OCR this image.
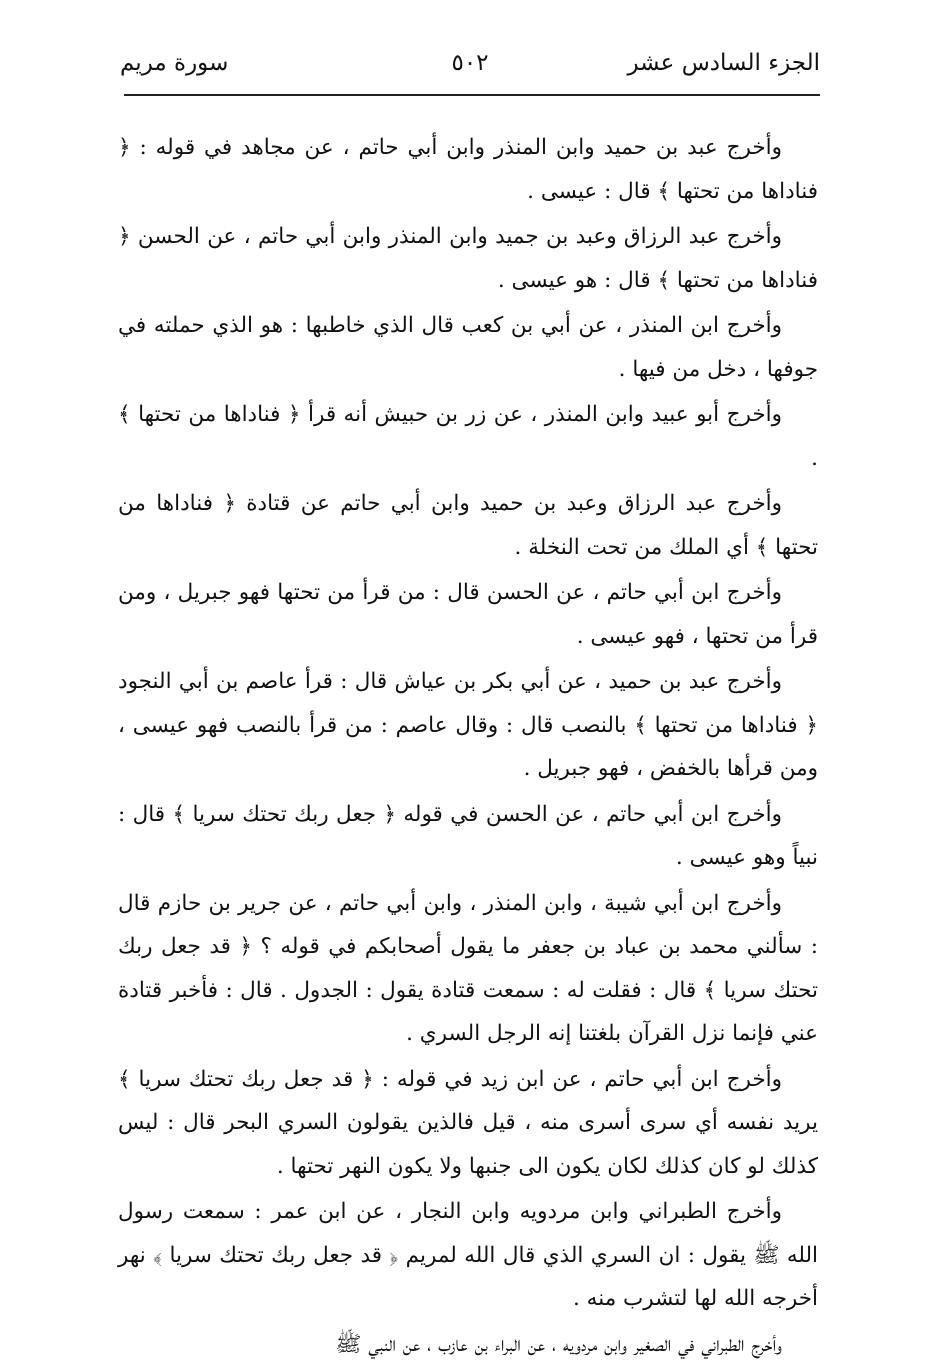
الجزء السادس عشر
٥٠٢
سورة مريم

وأخرج عبد بن حميد وابن المنذر وابن أبي حاتم ، عن مجاهد في قوله : ﴿ فناداها من تحتها ﴾ قال : عيسى .

وأخرج عبد الرزاق وعبد بن جميد وابن المنذر وابن أبي حاتم ، عن الحسن ﴿ فناداها من تحتها ﴾ قال : هو عيسى .

وأخرج ابن المنذر ، عن أبي بن كعب قال الذي خاطبها : هو الذي حملته في جوفها ، دخل من فيها .

وأخرج أبو عبيد وابن المنذر ، عن زر بن حبيش أنه قرأ ﴿ فناداها من تحتها ﴾ .

وأخرج عبد الرزاق وعبد بن حميد وابن أبي حاتم عن قتادة ﴿ فناداها من تحتها ﴾ أي الملك من تحت النخلة .

وأخرج ابن أبي حاتم ، عن الحسن قال : من قرأ من تحتها فهو جبريل ، ومن قرأ من تحتها ، فهو عيسى .

وأخرج عبد بن حميد ، عن أبي بكر بن عياش قال : قرأ عاصم بن أبي النجود ﴿ فناداها من تحتها ﴾ بالنصب قال : وقال عاصم : من قرأ بالنصب فهو عيسى ، ومن قرأها بالخفض ، فهو جبريل .

وأخرج ابن أبي حاتم ، عن الحسن في قوله ﴿ جعل ربك تحتك سريا ﴾ قال : نبياً وهو عيسى .

وأخرج ابن أبي شيبة ، وابن المنذر ، وابن أبي حاتم ، عن جرير بن حازم قال : سألني محمد بن عباد بن جعفر ما يقول أصحابكم في قوله ؟ ﴿ قد جعل ربك تحتك سريا ﴾ قال : فقلت له : سمعت قتادة يقول : الجدول . قال : فأخبر قتادة عني فإنما نزل القرآن بلغتنا إنه الرجل السري .

وأخرج ابن أبي حاتم ، عن ابن زيد في قوله : ﴿ قد جعل ربك تحتك سريا ﴾ يريد نفسه أي سرى أسرى منه ، قيل فالذين يقولون السري البحر قال : ليس كذلك لو كان كذلك لكان يكون الى جنبها ولا يكون النهر تحتها .

وأخرج الطبراني وابن مردويه وابن النجار ، عن ابن عمر : سمعت رسول الله ﷺ يقول : ان السري الذي قال الله لمريم ﴿ قد جعل ربك تحتك سريا ﴾ نهر أخرجه الله لها لتشرب منه .

وأخرج الطبراني في الصغير وابن مردويه ، عن البراء بن عازب ، عن النبي ﷺ
